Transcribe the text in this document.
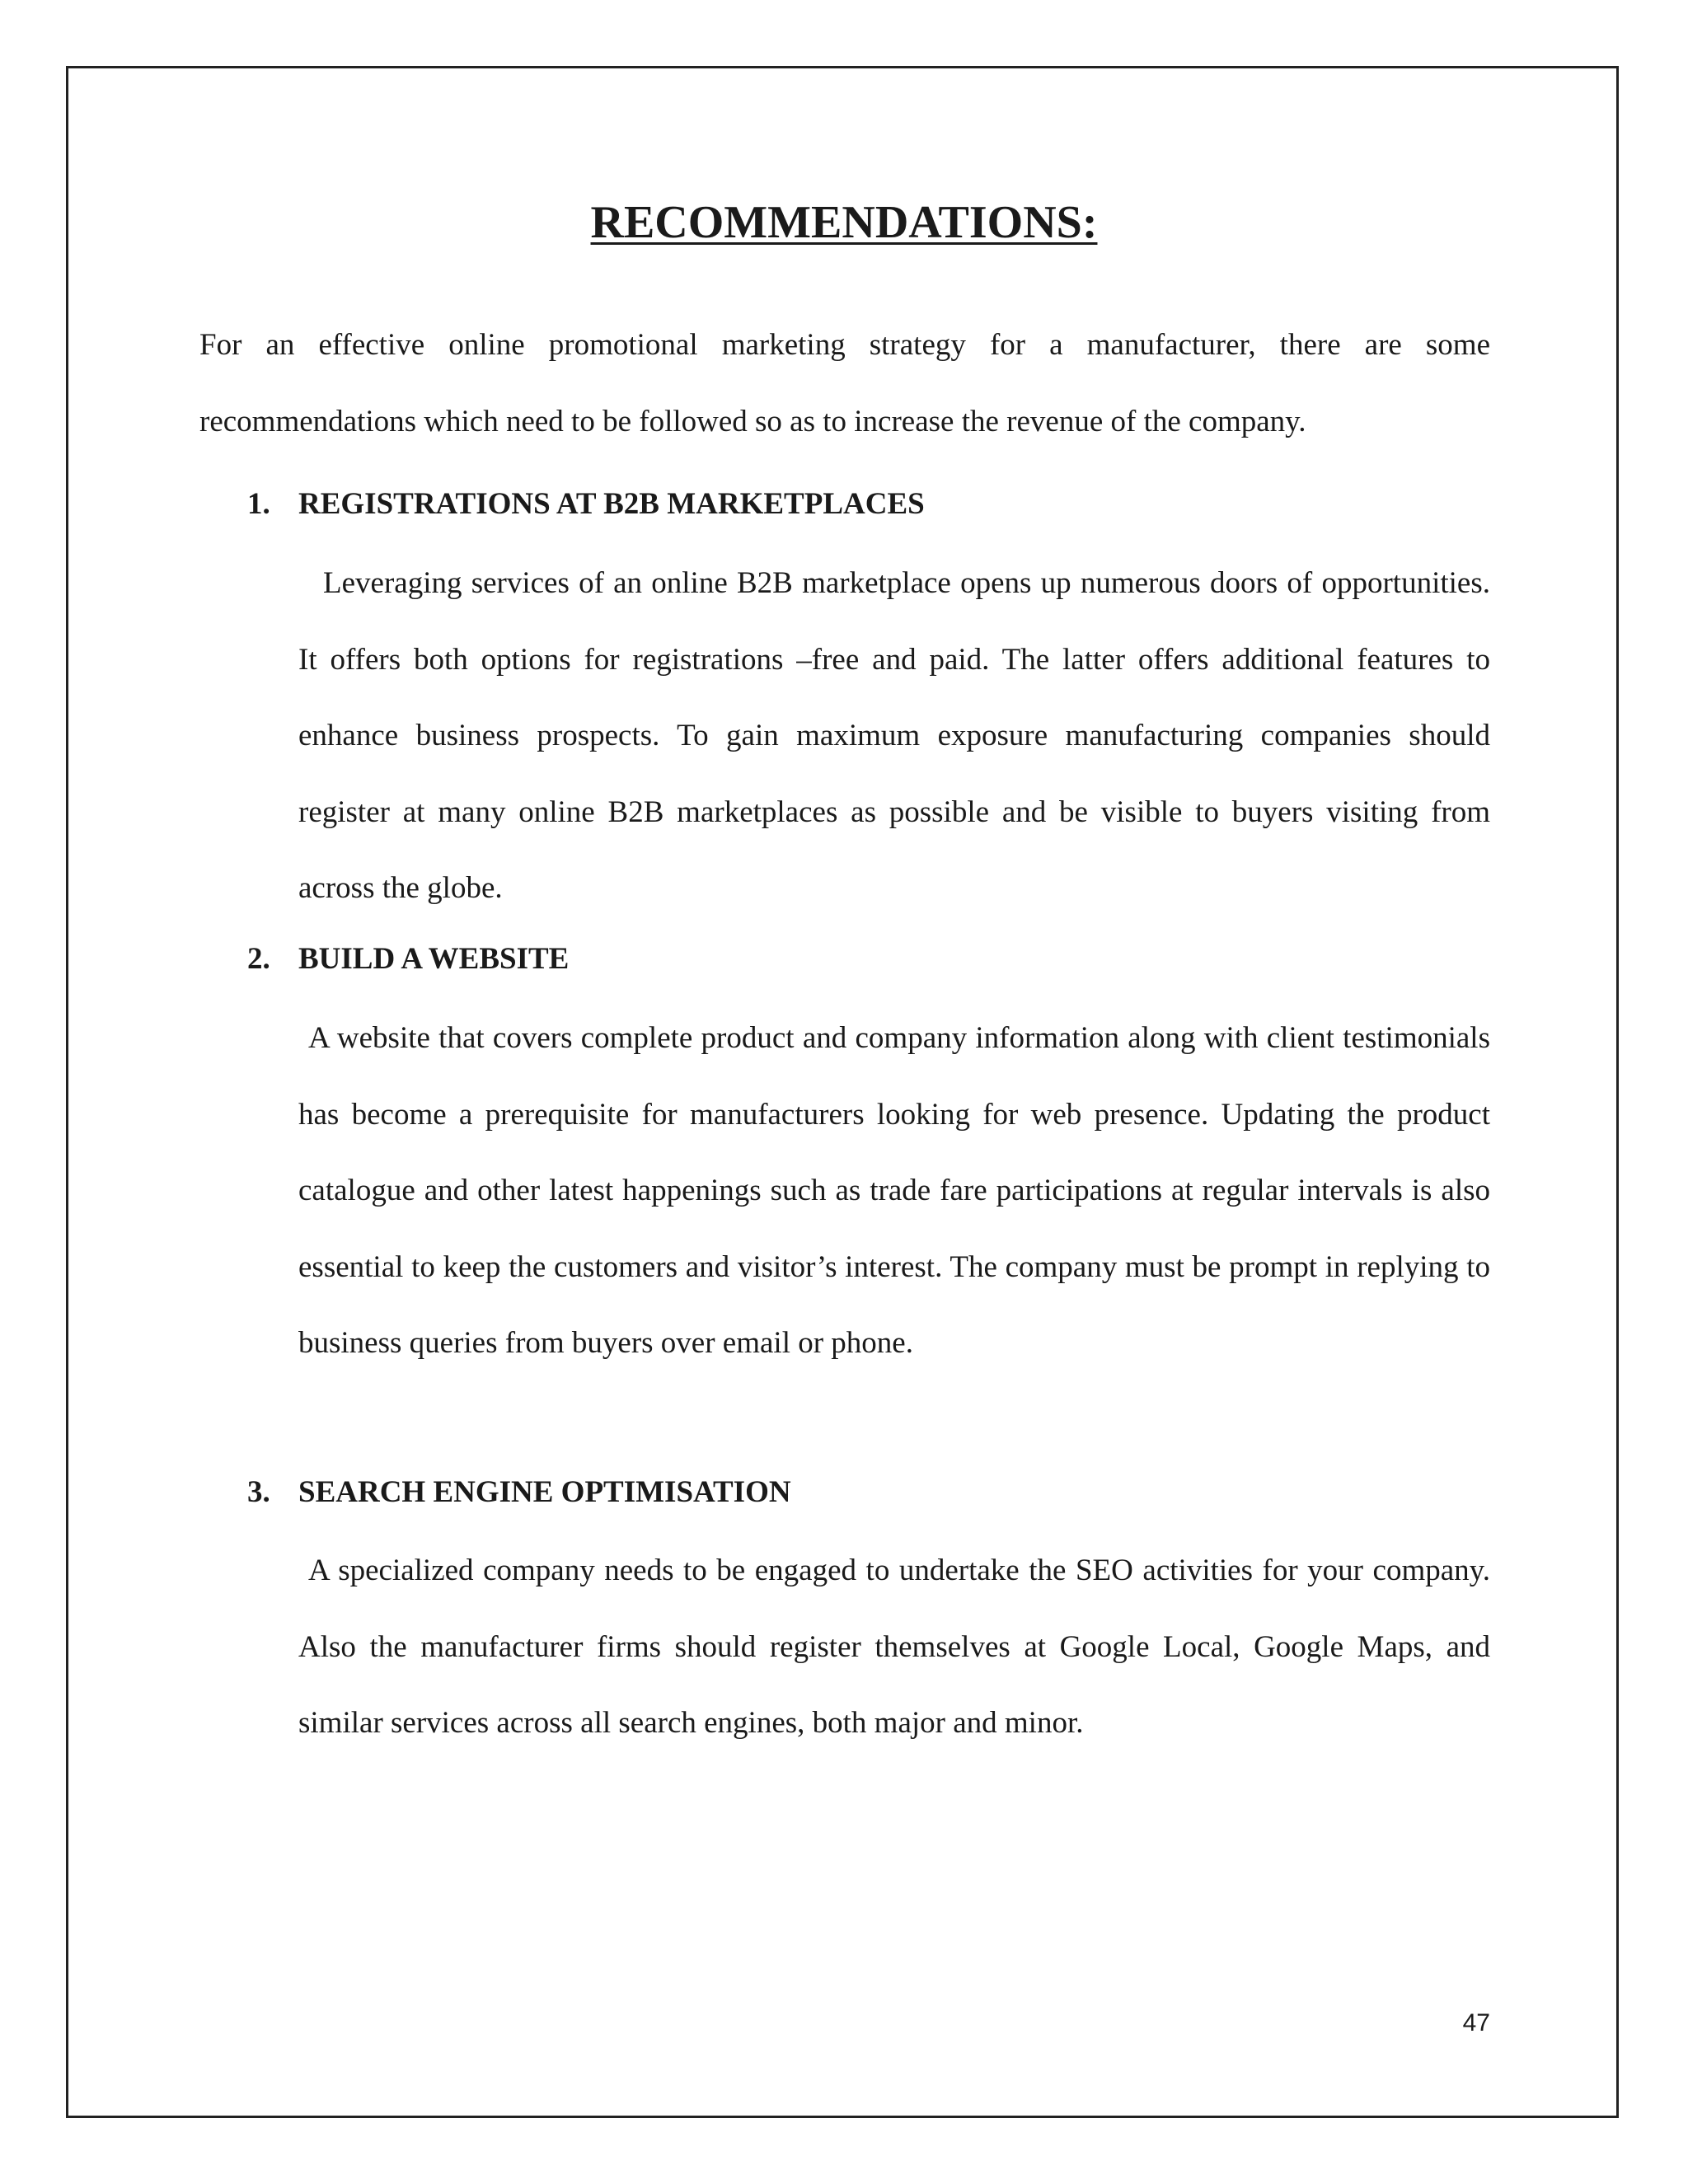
RECOMMENDATIONS:

For an effective online promotional marketing strategy for a manufacturer, there are some recommendations which need to be followed so as to increase the revenue of the company.

1. REGISTRATIONS AT B2B MARKETPLACES

Leveraging services of an online B2B marketplace opens up numerous doors of opportunities. It offers both options for registrations –free and paid. The latter offers additional features to enhance business prospects. To gain maximum exposure manufacturing companies should register at many online B2B marketplaces as possible and be visible to buyers visiting from across the globe.

2. BUILD A WEBSITE

A website that covers complete product and company information along with client testimonials has become a prerequisite for manufacturers looking for web presence. Updating the product catalogue and other latest happenings such as trade fare participations at regular intervals is also essential to keep the customers and visitor’s interest. The company must be prompt in replying to business queries from buyers over email or phone.

3. SEARCH ENGINE OPTIMISATION

A specialized company needs to be engaged to undertake the SEO activities for your company. Also the manufacturer firms should register themselves at Google Local, Google Maps, and similar services across all search engines, both major and minor.

47
